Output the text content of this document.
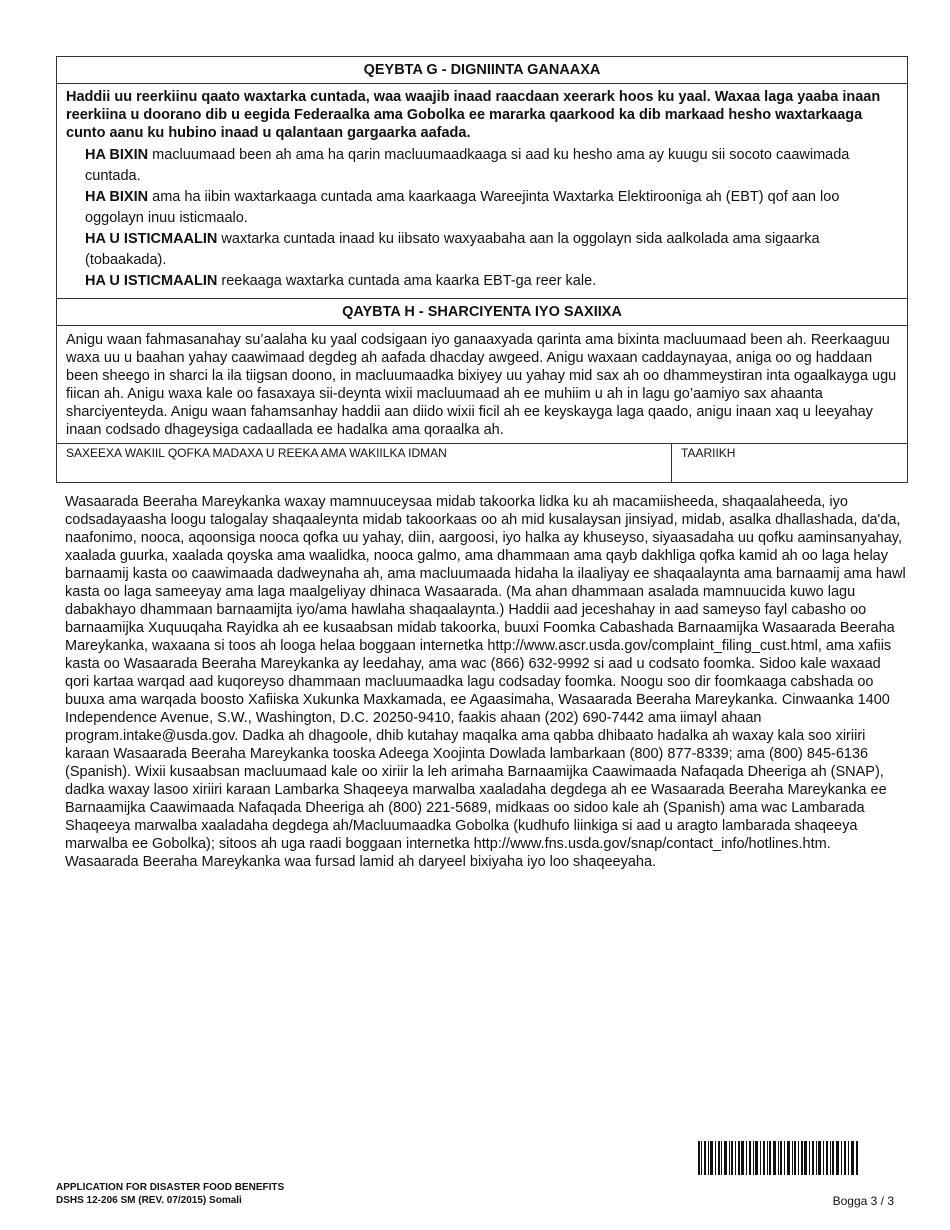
QEYBTA G - DIGNIINTA GANAAXA
Haddii uu reerkiinu qaato waxtarka cuntada, waa waajib inaad raacdaan xeerark hoos ku yaal. Waxaa laga yaaba inaan reerkiina u doorano dib u eegida Federaalka ama Gobolka ee mararka qaarkood ka dib markaad hesho waxtarkaaga cunto aanu ku hubino inaad u qalantaan gargaarka aafada.
HA BIXIN macluumaad been ah ama ha qarin macluumaadkaaga si aad ku hesho ama ay kuugu sii socoto caawimada cuntada.
HA BIXIN ama ha iibin waxtarkaaga cuntada ama kaarkaaga Wareejinta Waxtarka Elektirooniga ah (EBT) qof aan loo oggolayn inuu isticmaalo.
HA U ISTICMAALIN waxtarka cuntada inaad ku iibsato waxyaabaha aan la oggolayn sida aalkolada ama sigaarka (tobaakada).
HA U ISTICMAALIN reekaaga waxtarka cuntada ama kaarka EBT-ga reer kale.
QAYBTA H - SHARCIYENTA IYO SAXIIXA
Anigu waan fahmasanahay su’aalaha ku yaal codsigaan iyo ganaaxyada qarinta ama bixinta macluumaad been ah. Reerkaaguu waxa uu u baahan yahay caawimaad degdeg ah aafada dhacday awgeed. Anigu waxaan caddaynayaa, aniga oo og haddaan been sheego in sharci la ila tiigsan doono, in macluumaadka bixiyey uu yahay mid sax ah oo dhammeystiran inta ogaalkayga ugu fiican ah. Anigu waxa kale oo fasaxaya sii-deynta wixii macluumaad ah ee muhiim u ah in lagu go’aamiyo sax ahaanta sharciyenteyda. Anigu waan fahamsanhay haddii aan diido wixii ficil ah ee keyskayga laga qaado, anigu inaan xaq u leeyahay inaan codsado dhageysiga cadaallada ee hadalka ama qoraalka ah.
SAXEEXA WAKIIL QOFKA MADAXA U REEKA AMA WAKIILKA IDMAN	TAARIIKH
Wasaarada Beeraha Mareykanka waxay mamnuuceysaa midab takoorka lidka ku ah macamiisheeda, shaqaalaheeda, iyo codsadayaasha loogu talogalay shaqaaleynta midab takoorkaas oo ah mid kusalaysan jinsiyad, midab, asalka dhallashada, da'da, naafonimo, nooca, aqoonsiga nooca qofka uu yahay, diin, aargoosi, iyo halka ay khuseyso, siyaasadaha uu qofku aaminsanyahay, xaalada guurka, xaalada qoyska ama waalidka, nooca galmo, ama dhammaan ama qayb dakhliga qofka kamid ah oo laga helay barnaamij kasta oo caawimaada dadweynaha ah, ama macluumaada hidaha la ilaaliyay ee shaqaalaynta ama barnaamij ama hawl kasta oo laga sameeyay ama laga maalgeliyay dhinaca Wasaarada. (Ma ahan dhammaan asalada mamnuucida kuwo lagu dabakhayo dhammaan barnaamijta iyo/ama hawlaha shaqaalaynta.) Haddii aad jeceshahay in aad sameyso fayl cabasho oo barnaamijka Xuquuqaha Rayidka ah ee kusaabsan midab takoorka, buuxi Foomka Cabashada Barnaamijka Wasaarada Beeraha Mareykanka, waxaana si toos ah looga helaa boggaan internetka http://www.ascr.usda.gov/complaint_filing_cust.html, ama xafiis kasta oo Wasaarada Beeraha Mareykanka ay leedahay, ama wac (866) 632-9992 si aad u codsato foomka. Sidoo kale waxaad qori kartaa warqad aad kuqoreyso dhammaan macluumaadka lagu codsaday foomka. Noogu soo dir foomkaaga cabshada oo buuxa ama warqada boosto Xafiiska Xukunka Maxkamada, ee Agaasimaha, Wasaarada Beeraha Mareykanka. Cinwaanka 1400 Independence Avenue, S.W., Washington, D.C. 20250-9410, faakis ahaan (202) 690-7442 ama iimayl ahaan program.intake@usda.gov. Dadka ah dhagoole, dhib kutahay maqalka ama qabba dhibaato hadalka ah waxay kala soo xiriiri karaan Wasaarada Beeraha Mareykanka tooska Adeega Xoojinta Dowlada lambarkaan (800) 877-8339; ama (800) 845-6136 (Spanish). Wixii kusaabsan macluumaad kale oo xiriir la leh arimaha Barnaamijka Caawimaada Nafaqada Dheeriga ah (SNAP), dadka waxay lasoo xiriiri karaan Lambarka Shaqeeya marwalba xaaladaha degdega ah ee Wasaarada Beeraha Mareykanka ee Barnaamijka Caawimaada Nafaqada Dheeriga ah (800) 221-5689, midkaas oo sidoo kale ah (Spanish) ama wac Lambarada Shaqeeya marwalba xaaladaha degdega ah/Macluumaadka Gobolka (kudhufo liinkiga si aad u aragto lambarada shaqeeya marwalba ee Gobolka); sitoos ah uga raadi boggaan internetka http://www.fns.usda.gov/snap/contact_info/hotlines.htm. Wasaarada Beeraha Mareykanka waa fursad lamid ah daryeel bixiyaha iyo loo shaqeeyaha.
APPLICATION FOR DISASTER FOOD BENEFITS
DSHS 12-206 SM (REV. 07/2015) Somali	Bogga 3 / 3
